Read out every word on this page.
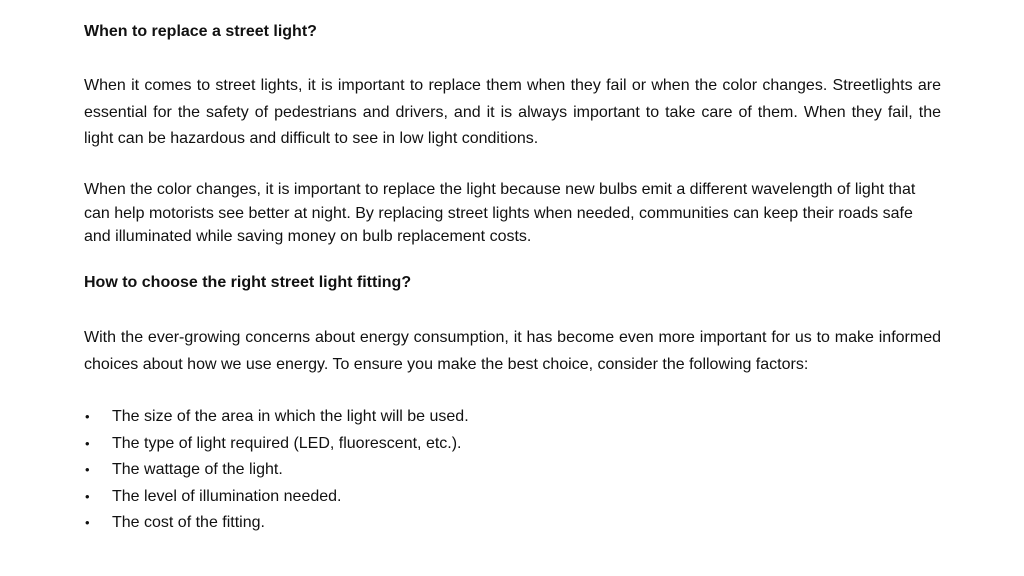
When to replace a street light?

When it comes to street lights, it is important to replace them when they fail or when the color changes. Streetlights are essential for the safety of pedestrians and drivers, and it is always important to take care of them. When they fail, the light can be hazardous and difficult to see in low light conditions.

When the color changes, it is important to replace the light because new bulbs emit a different wavelength of light that can help motorists see better at night. By replacing street lights when needed, communities can keep their roads safe and illuminated while saving money on bulb replacement costs.

How to choose the right street light fitting?

With the ever-growing concerns about energy consumption, it has become even more important for us to make informed choices about how we use energy. To ensure you make the best choice, consider the following factors:

•	The size of the area in which the light will be used.
•	The type of light required (LED, fluorescent, etc.).
•	The wattage of the light.
•	The level of illumination needed.
•	The cost of the fitting.
